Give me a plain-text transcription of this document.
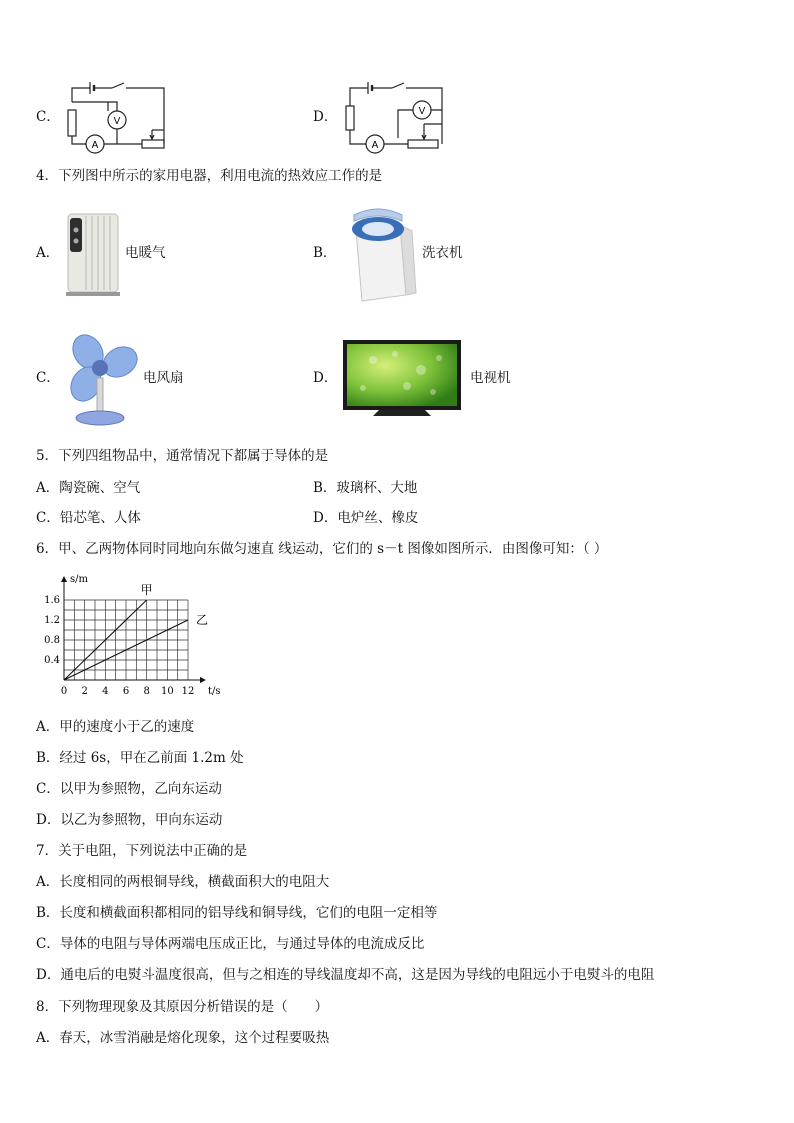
C．
A
V	D．
A
V
4．下列图中所示的家用电器，利用电流的热效应工作的是
A．	电暖气	B．	洗衣机
C．	电风扇	D．	电视机
5．下列四组物品中，通常情况下都属于导体的是
A．陶瓷碗、空气	B．玻璃杯、大地
C．铅芯笔、人体	D．电炉丝、橡皮
6．甲、乙两物体同时同地向东做匀速直 线运动，它们的 s－t 图像如图所示．由图像可知：（ ）
0 2 4 6 8 10 12
0.4
0.8
1.2
1.6
t/s
s/m
甲
乙
A．甲的速度小于乙的速度
B．经过 6s，甲在乙前面 1.2m 处
C．以甲为参照物，乙向东运动
D．以乙为参照物，甲向东运动
7．关于电阻，下列说法中正确的是
A．长度相同的两根铜导线，横截面积大的电阻大
B．长度和横截面积都相同的铝导线和铜导线，它们的电阻一定相等
C．导体的电阻与导体两端电压成正比，与通过导体的电流成反比
D．通电后的电熨斗温度很高，但与之相连的导线温度却不高，这是因为导线的电阻远小于电熨斗的电阻
8．下列物理现象及其原因分析错误的是（　　）
A．春天，冰雪消融是熔化现象，这个过程要吸热
